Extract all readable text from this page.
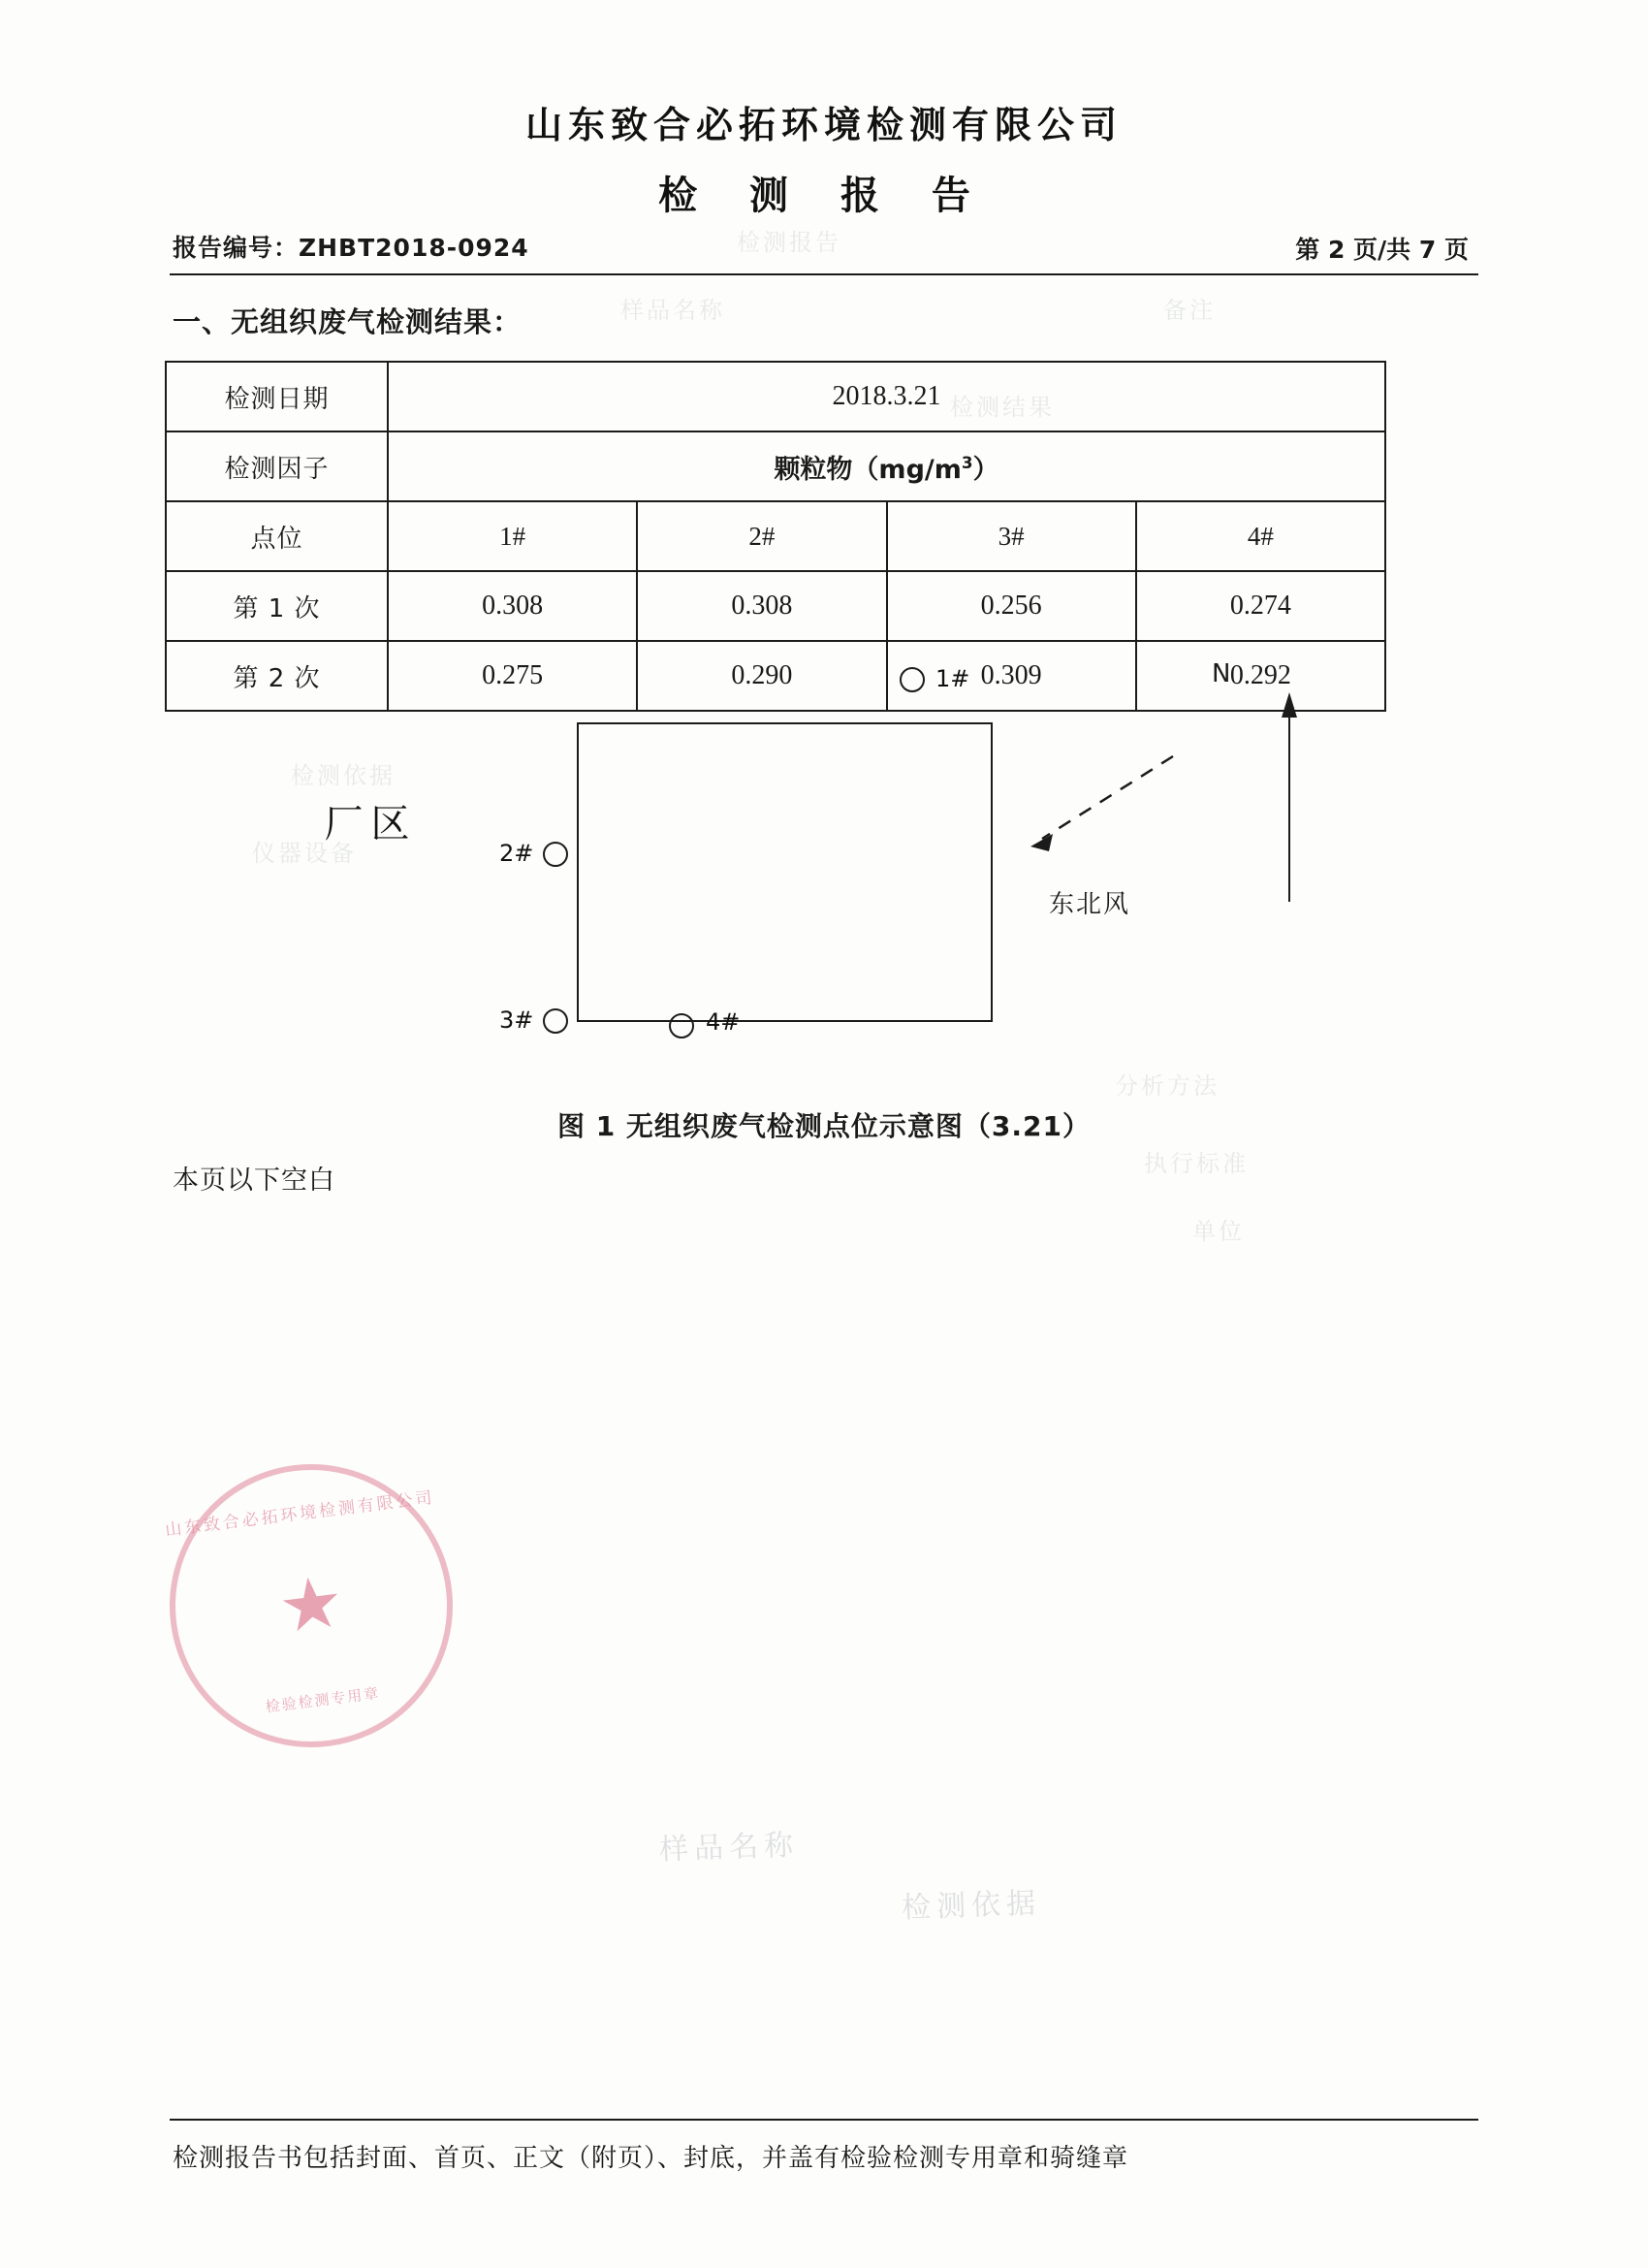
山东致合必拓环境检测有限公司
检 测 报 告
报告编号：ZHBT2018-0924	第 2 页/共 7 页
一、无组织废气检测结果：
检测日期	2018.3.21			
检测因子	颗粒物$(mg/m^3)$			
点位	1#	2#	3#	4#
第 1 次	0.308	0.308	0.256	0.274
第 2 次	0.275	0.290	0.309	0.292
厂区
1#
2#
3#	4#
N
东北风
图 1 无组织废气检测点位示意图（3.21）
本页以下空白
检测报告
样品名称	备注
检测结果
检测依据
分析方法
执行标准
单位
仪器设备
样品名称
检测依据
山东致合必拓环境检测有限公司
★
检验检测专用章
检测报告书包括封面、首页、正文（附页）、封底，并盖有检验检测专用章和骑缝章
